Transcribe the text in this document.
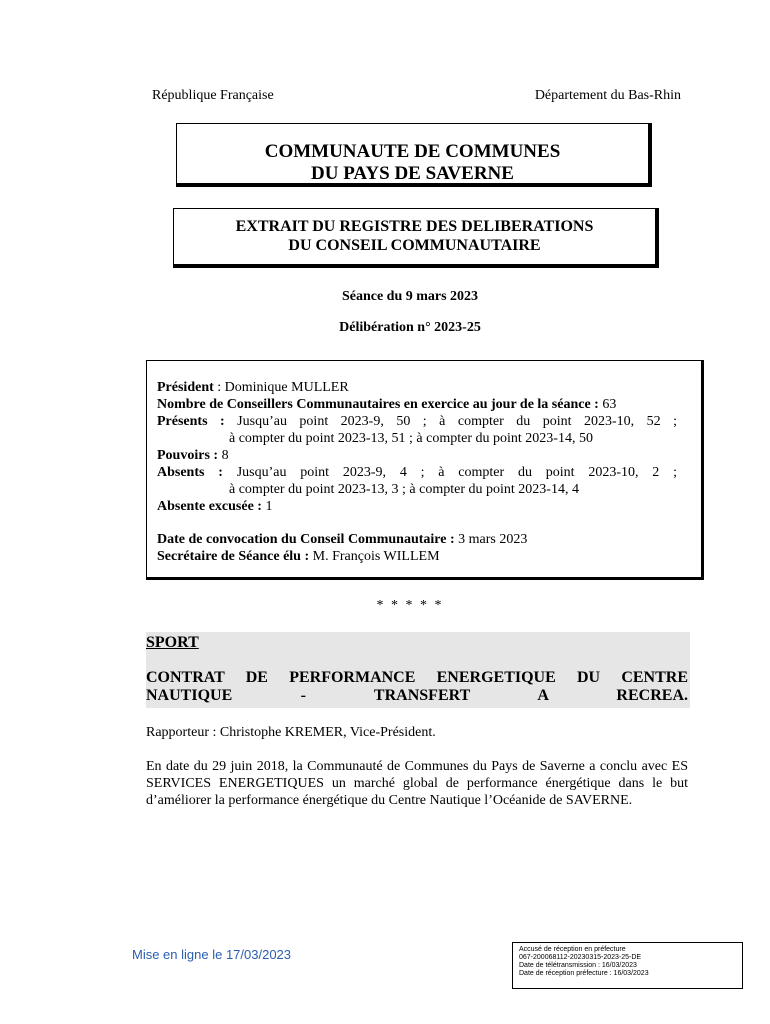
République Française	Département du Bas-Rhin
COMMUNAUTE DE COMMUNES
DU PAYS DE SAVERNE
EXTRAIT DU REGISTRE DES DELIBERATIONS
DU CONSEIL COMMUNAUTAIRE
Séance du 9 mars 2023
Délibération n° 2023-25
Président : Dominique MULLER
Nombre de Conseillers Communautaires en exercice au jour de la séance : 63
Présents : Jusqu’au point 2023-9, 50 ; à compter du point 2023-10, 52 ;
à compter du point 2023-13, 51 ; à compter du point 2023-14, 50
Pouvoirs : 8
Absents : Jusqu’au point 2023-9, 4 ; à compter du point 2023-10, 2 ;
à compter du point 2023-13, 3 ; à compter du point 2023-14, 4
Absente excusée : 1
Date de convocation du Conseil Communautaire : 3 mars 2023
Secrétaire de Séance élu : M. François WILLEM
* * * * *
SPORT
CONTRAT DE PERFORMANCE ENERGETIQUE DU CENTRE NAUTIQUE - TRANSFERT A RECREA.
Rapporteur : Christophe KREMER, Vice-Président.
En date du 29 juin 2018, la Communauté de Communes du Pays de Saverne a conclu avec ES SERVICES ENERGETIQUES un marché global de performance énergétique dans le but d’améliorer la performance énergétique du Centre Nautique l’Océanide de SAVERNE.
Mise en ligne le 17/03/2023	Accusé de réception en préfecture
067-200068112-20230315-2023-25-DE
Date de télétransmission : 16/03/2023
Date de réception préfecture : 16/03/2023
